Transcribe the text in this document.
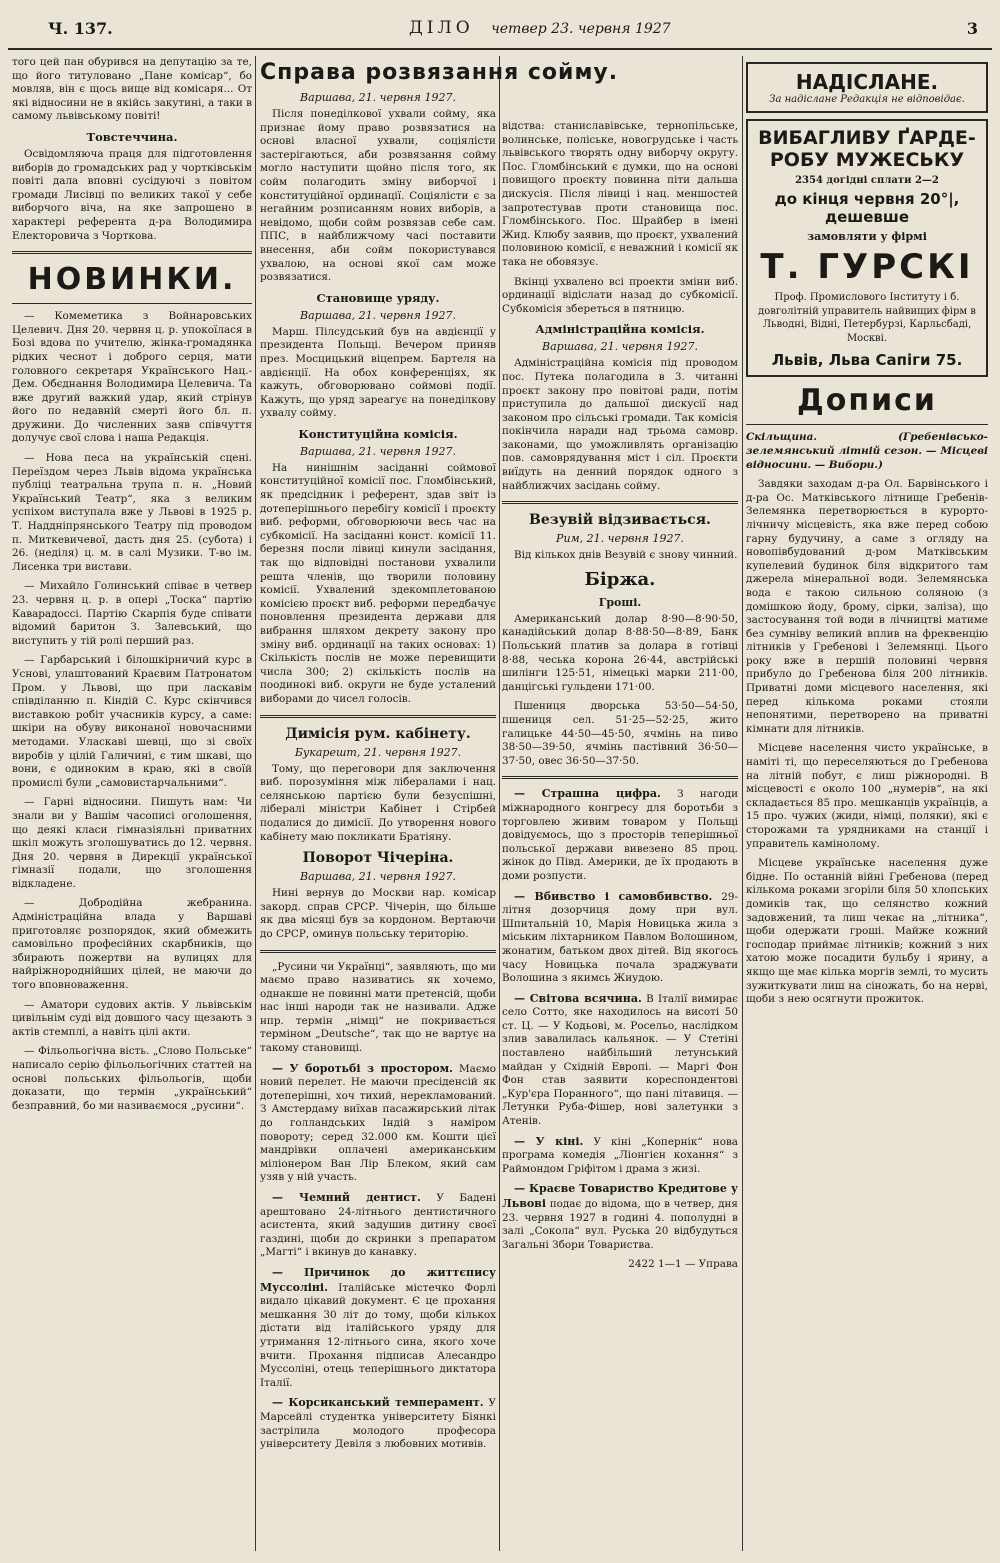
Ч. 137.	ДІЛО четвер 23. червня 1927	3

того цей пан обурився на депутацію за те, що його титуловано „Пане комісар“, бо мовляв, він є щось вище від комісаря... От які відносини не в якійсь закутині, а таки в самому львівському повіті!

Товстеччина.

Освідомляюча праця для підготовлення виборів до громадських рад у чортківськім повіті дала вповні сусідуючі з повітом громади Лисівці по великих такої у себе виборчого віча, на яке запрошено в характері референта д-ра Володимира Електоровича з Чорткова.

НОВИНКИ.

— Комеметика з Войнаровських Целевич. Дня 20. червня ц. р. упокоїлася в Бозі вдова по учителю, жінка-громадянка рідких чеснот і доброго серця, мати головного секретаря Українського Нац.-Дем. Обєднання Володимира Целевича. Та вже другий важкий удар, який стрінув його по недавній смерті його бл. п. дружини. До численних заяв співчуття долучує свої слова і наша Редакція.

— Нова песа на українській сцені. Переїздом через Львів відома українська публіці театральна трупа п. н. „Новий Український Театр“, яка з великим успіхом виступала вже у Львові в 1925 р. Т. Наддніпрянського Театру під проводом п. Миткевичевої, дасть дня 25. (субота) і 26. (неділя) ц. м. в салі Музики. Т-во ім. Лисенка три вистави.

— Михайло Голинський співає в четвер 23. червня ц. р. в опері „Тоска“ партію Каварадоссі. Партію Скарпія буде співати відомий баритон З. Залевський, що виступить у тій ролі перший раз.

— Гарбарський і білошкірничий курс в Уснові, улаштований Краєвим Патронатом Пром. у Львові, що при ласкавім співділанню п. Кіндій С. Курс скінчився виставкою робіт учасників курсу, а саме: шкіри на обуву виконаної новочасними методами. Уласкаві шевці, що зі своїх виробів у цілій Галичині, є тим шкаві, що вони, є одиноким в краю, які в своїй промислі були „самовистарчальними“.

— Гарні відносини. Пишуть нам: Чи знали ви у Вашім часописі оголошення, що деякі класи гімназіяльні приватних шкіл можуть зголошуватись до 12. червня. Дня 20. червня в Дирекції української гімназії подали, що зголошення відкладене.

— Добродійна жебранина. Адміністраційна влада у Варшаві приготовляє розпорядок, який обмежить самовільно професійних скарбників, що збирають пожертви на вулицях для найріжнороднійших цілей, не маючи до того вповноваження.

— Аматори судових актів. У львівськім цивільнім суді від довшого часу щезають з актів стемплі, а навіть цілі акти.

— Фільольогічна вість. „Слово Польське“ написало серію фільольогічних статтей на основі польських фільольогів, щоби доказати, що термін „український“ безправний, бо ми називаємося „русини“.

Справа розвязання сойму.
Варшава, 21. червня 1927.

Після понеділкової ухвали сойму, яка признає йому право розвязатися на основі власної ухвали, соціялісти застерігаються, аби розвязання сойму могло наступити щойно після того, як сойм полагодить зміну виборчої і конституційної ординації. Соціялісти є за негайним розписанням нових виборів, а невідомо, щоби сойм розвязав себе сам. ППС, в найближчому часі поставити внесення, аби сойм покористувався ухвалою, на основі якої сам може розвязатися.

Становище уряду.
Варшава, 21. червня 1927.

Марш. Пілсудський був на авдієнції у президента Польщі. Вечером приняв през. Мосцицький віцепрем. Бартеля на авдієнції. На обох конференціях, як кажуть, обговорювано соймові події. Кажуть, що уряд зареагує на понеділкову ухвалу сойму.

Конституційна комісія.
Варшава, 21. червня 1927.

На нинішнім засіданні соймової конституційної комісії пос. Гломбінський, як предсідник і референт, здав звіт із дотеперішнього перебігу комісії і проєкту виб. реформи, обговорюючи весь час на субкомісії. На засіданні конст. комісії 11. березня посли лівиці кинули засідання, так що відповідні постанови ухвалили решта членів, що творили половину комісії. Ухвалений здекомплетованою комісією проєкт виб. реформи передбачує поновлення президента держави для вибрання шляхом декрету закону про зміну виб. ординації на таких основах: 1) Скількість послів не може перевищити числа 300; 2) скількість послів на поодинокі виб. округи не буде усталений виборами до чисел голосів.

Димісія рум. кабінету.
Букарешт, 21. червня 1927.

Тому, що переговори для заключення виб. порозуміння між лібералами і нац. селянською партією були безуспішні, лібералі міністри Кабінет і Стірбей подалися до димісії. До утворення нового кабінету маю покликати Братіяну.

Поворот Чічеріна.
Варшава, 21. червня 1927.

Нині вернув до Москви нар. комісар закорд. справ СРСР. Чічерін, що більше як два місяці був за кордоном. Вертаючи до СРСР, оминув польську територію.

„Русини чи Українці“, заявляють, що ми маємо право називатись як хочемо, однакше не повинні мати претенсій, щоби нас інші народи так не називали. Адже нпр. термін „німці“ не покривається терміном „Deutsche“, так що не вартує на такому становищі.

— У боротьбі з простором. Маємо новий перелет. Не маючи пресіденсій як дотеперішні, хоч тихий, нерекламований. З Амстердаму виїхав пасажирський літак до голландських Індій з наміром повороту; серед 32.000 км. Кошти цієї мандрівки оплачені американським міліонером Ван Лір Блеком, який сам узяв у ній участь.

— Чемний дентист. У Бадені арештовано 24-літнього дентистичного асистента, який задушив дитину своєї газдині, щоби до скринки з препаратом „Магті“ і вкинув до канавку.

— Причинок до життєпису Муссоліні. Італійське містечко Форлі видало цікавий документ. Є це прохання мешкання 30 літ до тому, щоби кількох дістати від італійського уряду для утримання 12-літнього сина, якого хоче вчити. Прохання підписав Алесандро Муссоліні, отець теперішнього диктатора Італії.

— Корсиканський темперамент. У Марсейлі студентка університету Біянкі застрілила молодого професора університету Девіля з любовних мотивів.

відства: станиславівське, тернопільське, волинське, поліське, новогрудське і часть львівського творять одну виборчу округу. Пос. Гломбінський є думки, що на основі повищого проєкту повинна піти дальша дискусія. Після лівиці і нац. меншостей запротестував проти становища пос. Гломбінського. Пос. Шрайбер в імені Жид. Клюбу заявив, що проєкт, ухвалений половиною комісії, є неважний і комісії як така не обовязує.

Вкінці ухвалено всі проекти зміни виб. ординації відіслати назад до субкомісії. Субкомісія збереться в пятницю.

Адміністраційна комісія.
Варшава, 21. червня 1927.

Адміністраційна комісія під проводом пос. Путека полагодила в 3. читанні проєкт закону про повітові ради, потім приступила до дальшої дискусії над законом про сільські громади. Так комісія покінчила наради над трьома самовр. законами, що уможливлять організацію пов. самоврядування міст і сіл. Проєкти виїдуть на денний порядок одного з найближчих засідань сойму.

Везувій відзивається.
Рим, 21. червня 1927.

Від кількох днів Везувій є знову чинний.

Біржа.
Гроші.

Американський долар 8·90—8·90·50, канадійський долар 8·88·50—8·89, Банк Польський платив за долара в готівці 8·88, чеська корона 26·44, австрійські шилінги 125·51, німецькі марки 211·00, данцігські гульдени 171·00.

Пшениця дворська 53·50—54·50, пшениця сел. 51·25—52·25, жито галицьке 44·50—45·50, ячмінь на пиво 38·50—39·50, ячмінь пастівний 36·50—37·50, овес 36·50—37·50.

— Страшна цифра. З нагоди міжнародного конгресу для боротьби з торговлею живим товаром у Польщі довідуємось, що з просторів теперішньої польської держави вивезено 85 проц. жінок до Півд. Америки, де їх продають в доми розпусти.

— Вбивство і самовбивство. 29-літня дозорчиця дому при вул. Шпитальній 10, Марія Новицька жила з міським ліхтарником Павлом Волошином, жонатим, батьком двох дітей. Від якогось часу Новицька почала зраджувати Волошина з якимсь Жиудою.

— Світова всячина. В Італії вимирає село Сотто, яке находилось на висоті 50 ст. Ц. — У Кодьові, м. Росельо, наслідком злив завалилась кальянок. — У Стетіні поставлено найбільший летунський майдан у Східній Европі. — Маргі Фон Фон став заявити кореспондентові „Кур'єра Поранного“, що пані літавиця. — Летунки Руба-Фішер, нові залетунки з Атенів.

— У кіні. У кіні „Копернік“ нова програма комедія „Ліонгієн кохання“ з Раймондом Гріфітом і драма з жизі.

— Краєве Товариство Кредитове у Львові подає до відома, що в четвер, дня 23. червня 1927 в годині 4. пополудні в залі „Сокола“ вул. Руська 20 відбудуться Загальні Збори Товариства.

2422 1—1 — Управа

НАДІСЛАНЕ.
За надіслане Редакція не відповідає.
ВИБАГЛИВУ ҐАРДЕ-
РОБУ МУЖЕСЬКУ
2354 догідні сплати 2—2
до кінця червня 20°|, дешевше
замовляти у фірмі
Т. ГУРСКІ

Проф. Промислового Інституту і б. довголітній управитель найвищих фірм в Льводні, Відні, Петербурзі, Карльсбаді, Москві.

Львів, Льва Сапіги 75.
Дописи

Скільщина. (Гребенівсько-зелемянський літній сезон. — Місцеві відносини. — Вибори.)

Завдяки заходам д-ра Ол. Барвінського і д-ра Ос. Матківського літнище Гребенів-Зелемянка перетворюється в курорто-лічничу місцевість, яка вже перед собою гарну будучину, а саме з огляду на новопівбудований д-ром Матківським купелевий будинок біля відкритого там джерела мінеральної води. Зелемянська вода є такою сильною соляною (з домішкою йоду, брому, сірки, заліза), що застосування той води в лічництві матиме без сумніву великий вплив на фреквенцію літників у Гребенові і Зелемянці. Цього року вже в першій половині червня прибуло до Гребенова біля 200 літників. Приватні доми місцевого населення, які перед кількома роками стояли непонятими, перетворено на приватні кімнати для літників.

Місцеве населення чисто українське, в наміті ті, що переселяються до Гребенова на літній побут, є лиш ріжнородні. В місцевості є около 100 „нумерів“, на які складається 85 про. мешканців українців, а 15 про. чужих (жиди, німці, поляки), які є сторожами та урядниками на станції і управитель камінолому.

Місцеве українське населення дуже бідне. По останній війні Гребенова (перед кількома роками згоріли біля 50 хлопських домиків так, що селянство кожний задовжений, та лиш чекає на „літника“, щоби одержати гроші. Майже кожний господар приймає літників; кожний з них хатою може посадити бульбу і ярину, а якщо ще має кілька моргів землі, то мусить зужиткувати лиш на сіножать, бо на нерві, щоби з нею осягнути прожиток.
